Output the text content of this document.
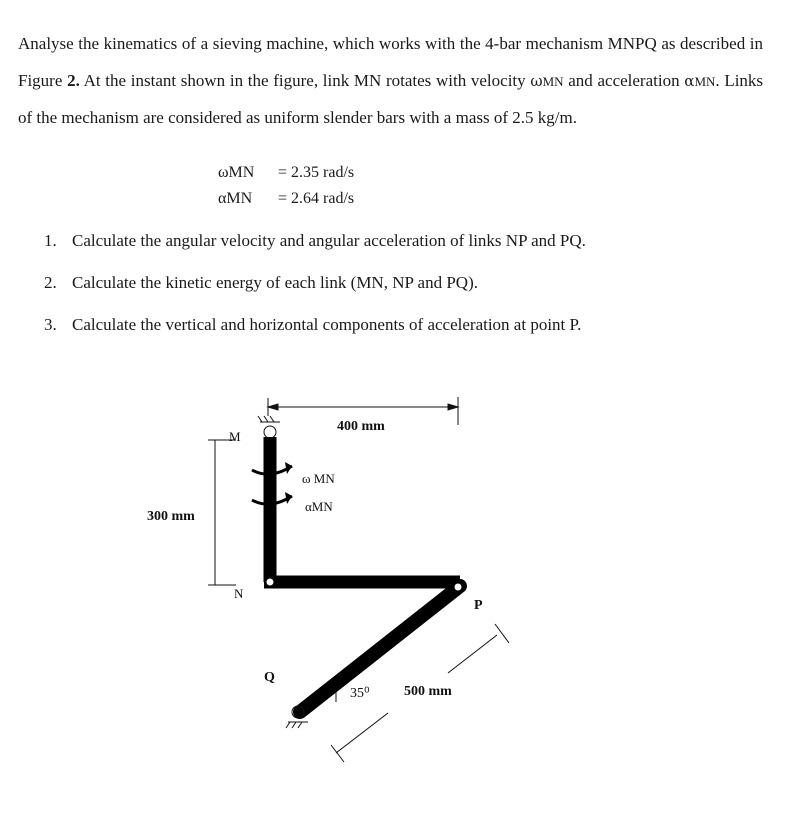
Analyse the kinematics of a sieving machine, which works with the 4-bar mechanism MNPQ as described in Figure 2. At the instant shown in the figure, link MN rotates with velocity ωMN and acceleration αMN. Links of the mechanism are considered as uniform slender bars with a mass of 2.5 kg/m.
ωMN = 2.35 rad/s
αMN = 2.64 rad/s
1. Calculate the angular velocity and angular acceleration of links NP and PQ.
2. Calculate the kinetic energy of each link (MN, NP and PQ).
3. Calculate the vertical and horizontal components of acceleration at point P.
400 mm
300 mm
ω MN
αMN
M
N
P
Q
35⁰ 500 mm
